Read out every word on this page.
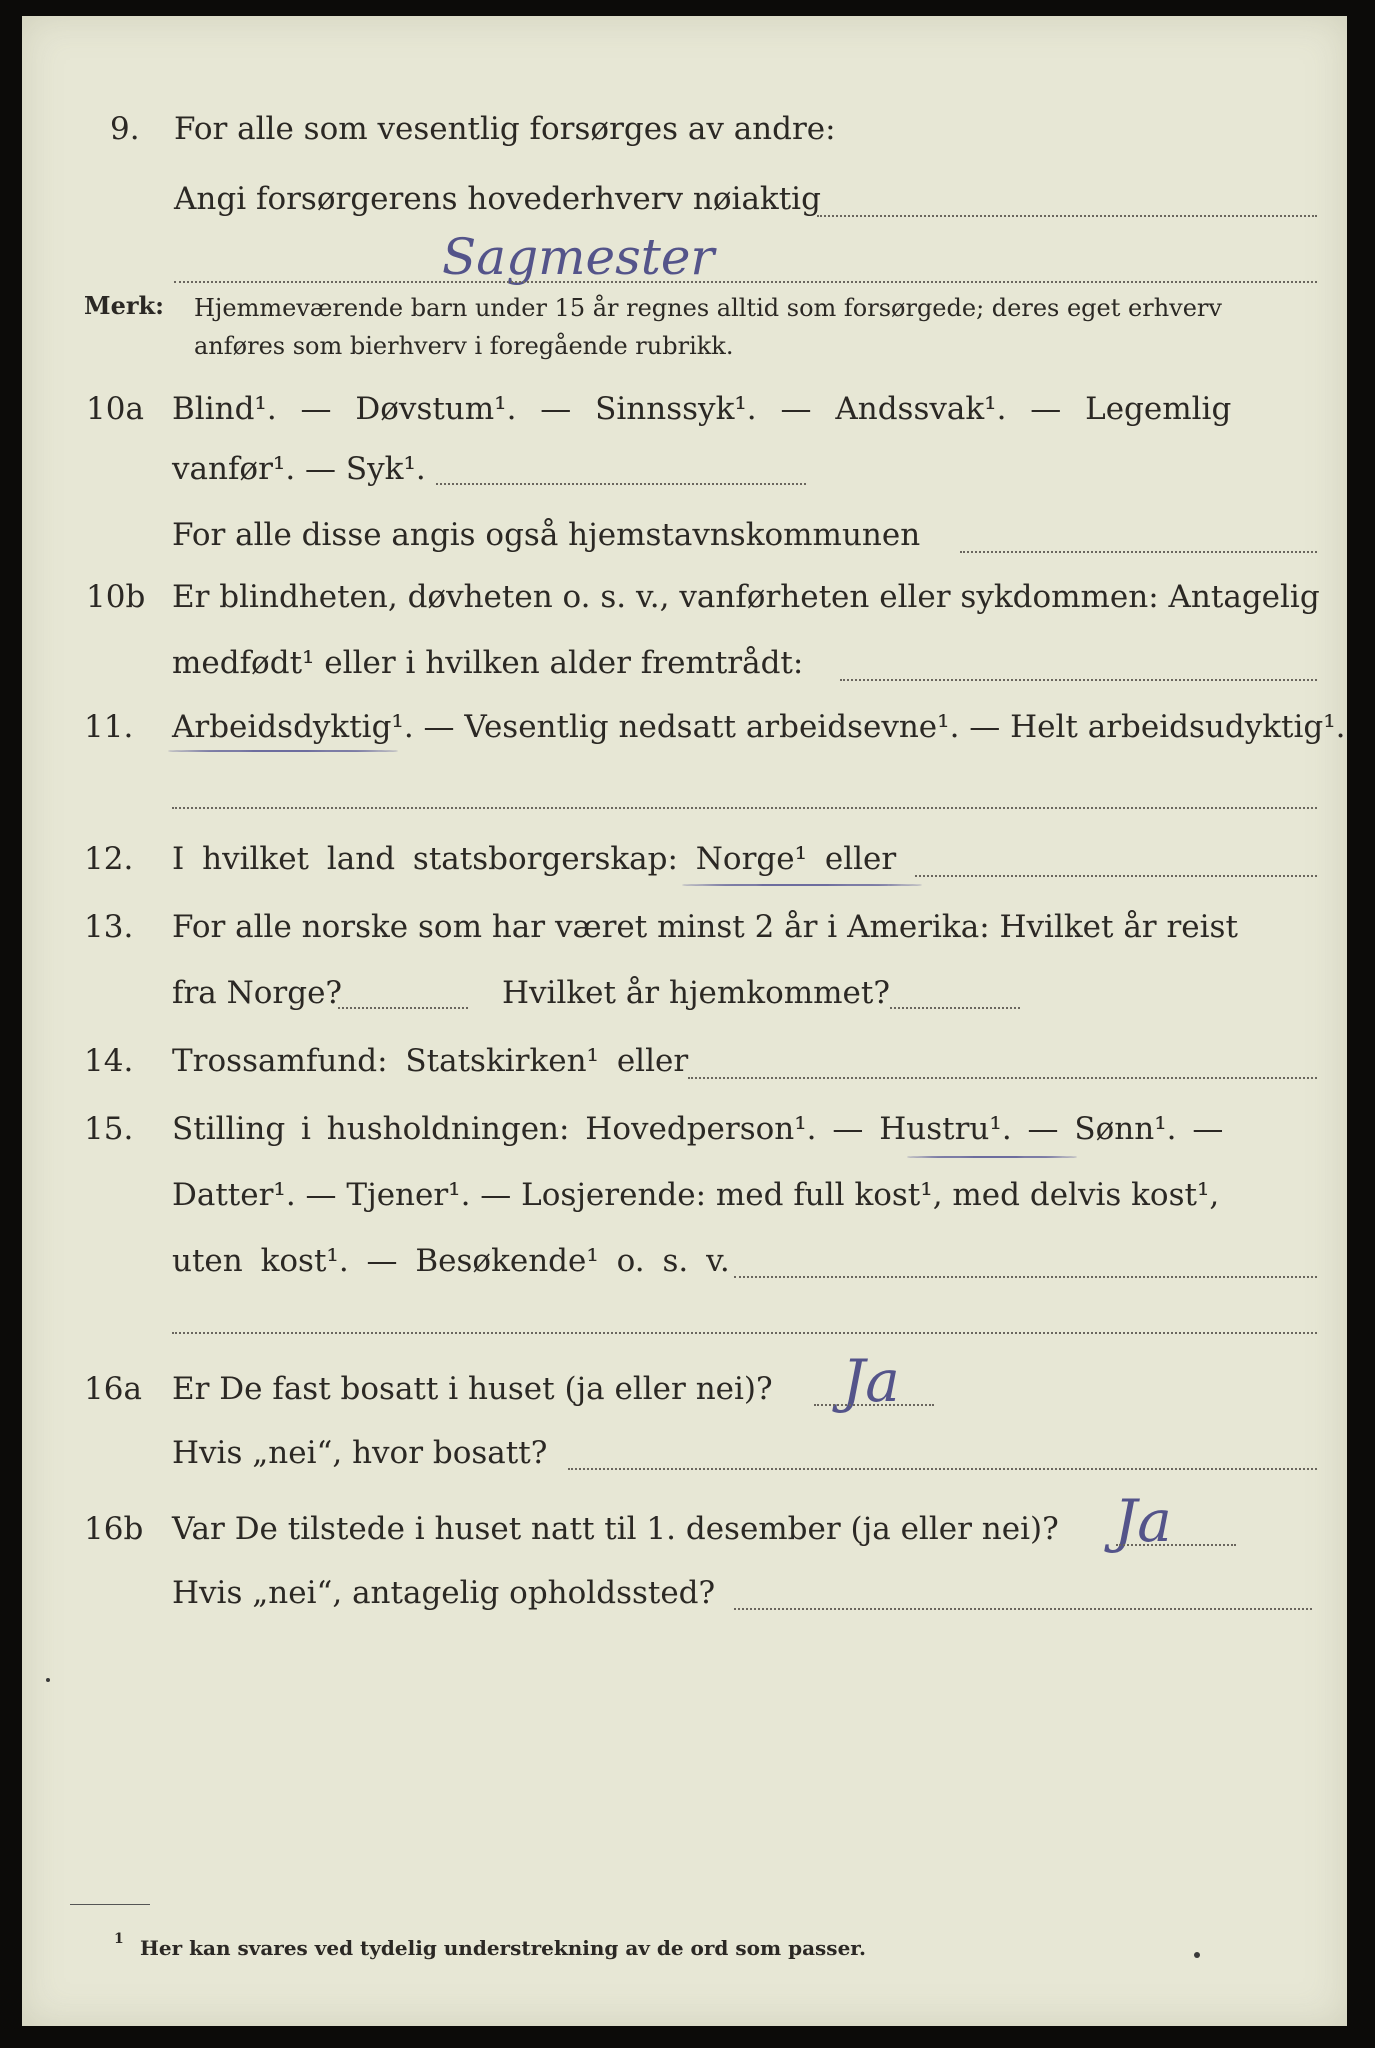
9. For alle som vesentlig forsørges av andre:
Angi forsørgerens hovederhverv nøiaktig
Sagmester
Merk: Hjemmeværende barn under 15 år regnes alltid som forsørgede; deres eget erhverv
anføres som bierhverv i foregående rubrikk.
10a Blind¹. — Døvstum¹. — Sinnssyk¹. — Andssvak¹. — Legemlig
vanfør¹. — Syk¹.
For alle disse angis også hjemstavnskommunen
10b Er blindheten, døvheten o. s. v., vanførheten eller sykdommen: Antagelig
medfødt¹ eller i hvilken alder fremtrådt:
11. Arbeidsdyktig¹. — Vesentlig nedsatt arbeidsevne¹. — Helt arbeidsudyktig¹.
12. I hvilket land statsborgerskap: Norge¹ eller
13. For alle norske som har været minst 2 år i Amerika: Hvilket år reist
fra Norge?	Hvilket år hjemkommet?
14. Trossamfund: Statskirken¹ eller
15. Stilling i husholdningen: Hovedperson¹. — Hustru¹. — Sønn¹. —
Datter¹. — Tjener¹. — Losjerende: med full kost¹, med delvis kost¹,
uten kost¹. — Besøkende¹ o. s. v.
16a Er De fast bosatt i huset (ja eller nei)? Ja
Hvis „nei“, hvor bosatt?
16b Var De tilstede i huset natt til 1. desember (ja eller nei)? Ja
Hvis „nei“, antagelig opholdssted?
1 Her kan svares ved tydelig understrekning av de ord som passer.
